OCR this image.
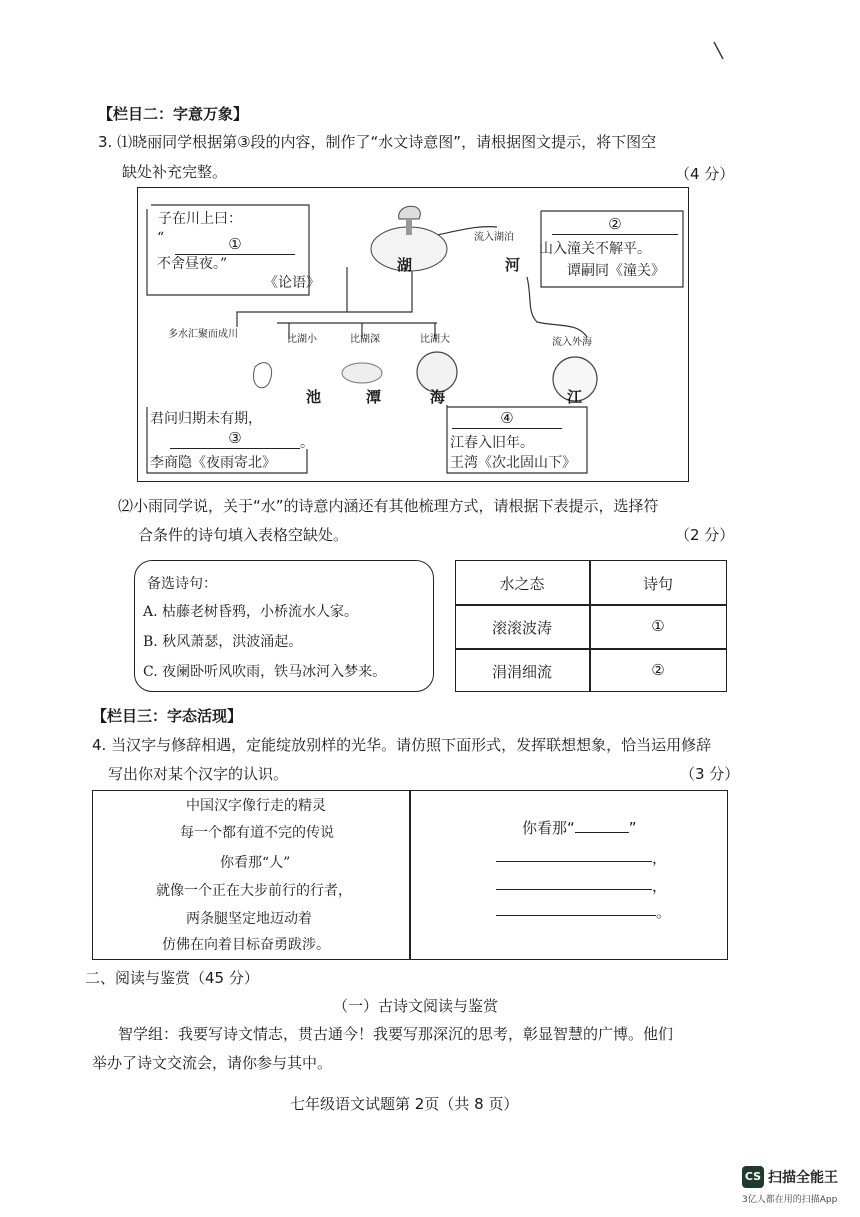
【栏目二：字意万象】
3. ⑴晓丽同学根据第③段的内容，制作了“水文诗意图”，请根据图文提示，将下图空
缺处补充完整。	（4 分）
子在川上曰：
“	①
不舍昼夜。”
《论语》
湖
流入湖泊
河
②
山入潼关不解平。
谭嗣同《潼关》
多水汇聚而成川	比湖小	比湖深	比湖大	流入外海
池	潭	海	江
君问归期未有期，
③	。
李商隐《夜雨寄北》
④
江春入旧年。
王湾《次北固山下》
⑵小雨同学说，关于“水”的诗意内涵还有其他梳理方式，请根据下表提示，选择符
合条件的诗句填入表格空缺处。	（2 分）
备选诗句：
A. 枯藤老树昏鸦，小桥流水人家。
B. 秋风萧瑟，洪波涌起。
C. 夜阑卧听风吹雨，铁马冰河入梦来。
水之态	诗句
滚滚波涛	①
涓涓细流	②
【栏目三：字态活现】
4. 当汉字与修辞相遇，定能绽放别样的光华。请仿照下面形式，发挥联想想象，恰当运用修辞
写出你对某个汉字的认识。	（3 分）
中国汉字像行走的精灵
每一个都有道不完的传说
你看那“人”
就像一个正在大步前行的行者，
两条腿坚定地迈动着
仿佛在向着目标奋勇跋涉。
你看那“	”
，
，
。
二、阅读与鉴赏（45 分）
（一）古诗文阅读与鉴赏
智学组：我要写诗文情志，贯古通今！我要写那深沉的思考，彰显智慧的广博。他们
举办了诗文交流会，请你参与其中。
七年级语文试题第 2页（共 8 页）
CS 扫描全能王
3亿人都在用的扫描App
